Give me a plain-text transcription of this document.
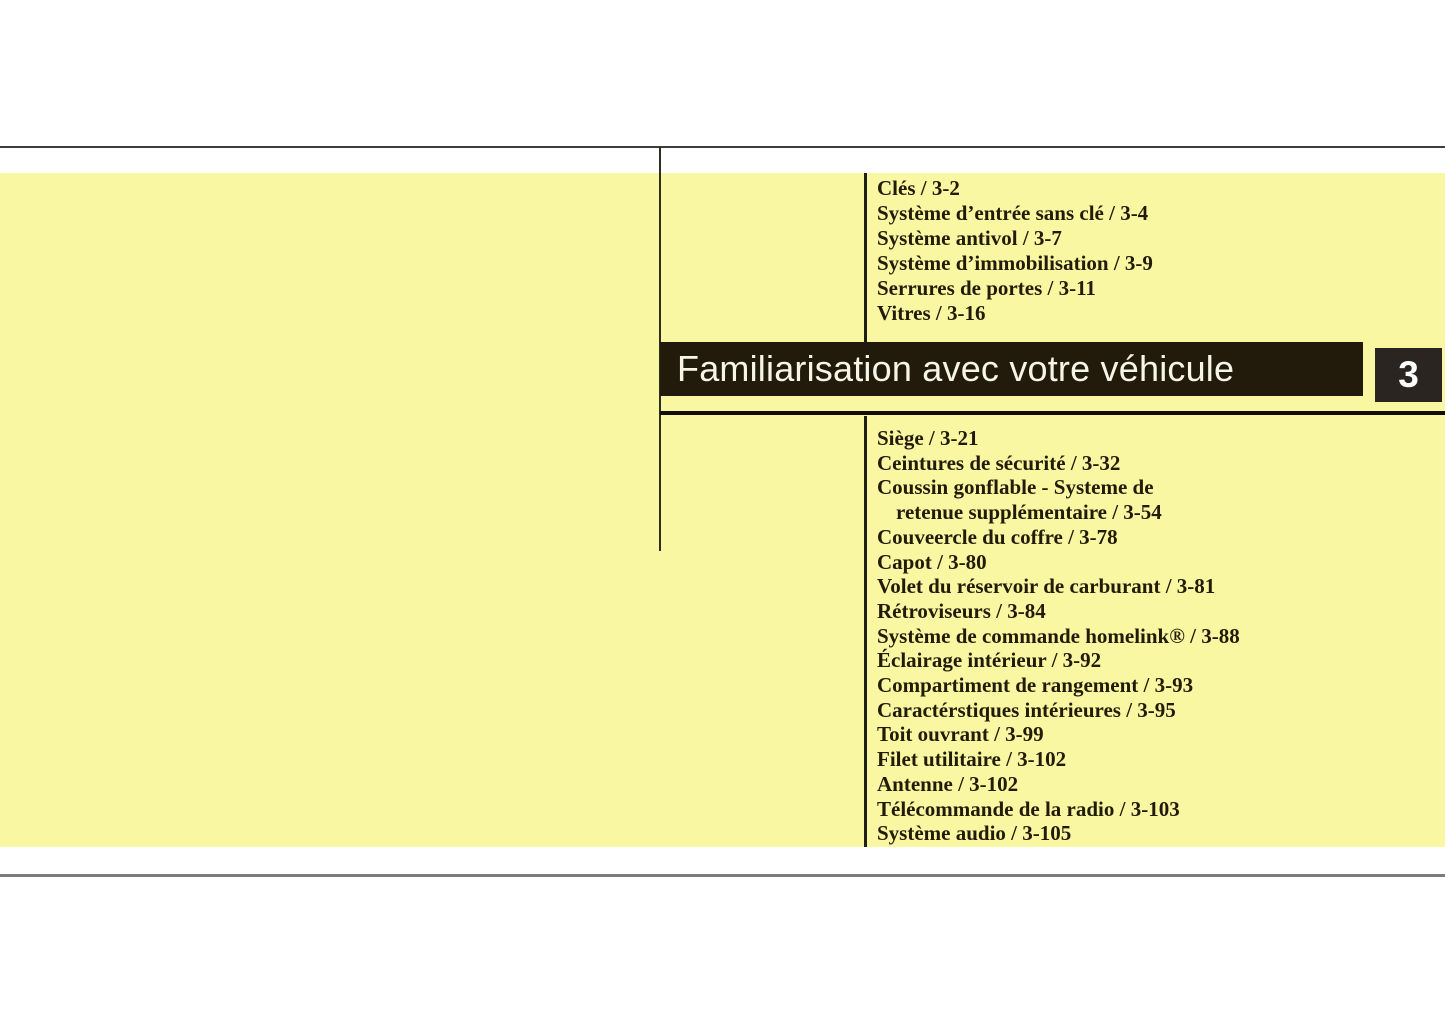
Clés / 3-2
Système d’entrée sans clé / 3-4
Système antivol / 3-7
Système d’immobilisation / 3-9
Serrures de portes / 3-11
Vitres / 3-16
Familiarisation avec votre véhicule	3
Siège / 3-21
Ceintures de sécurité / 3-32
Coussin gonflable - Systeme de
retenue supplémentaire / 3-54
Couveercle du coffre / 3-78
Capot / 3-80
Volet du réservoir de carburant / 3-81
Rétroviseurs / 3-84
Système de commande homelink® / 3-88
Éclairage intérieur / 3-92
Compartiment de rangement / 3-93
Caractérstiques intérieures / 3-95
Toit ouvrant / 3-99
Filet utilitaire / 3-102
Antenne / 3-102
Télécommande de la radio / 3-103
Système audio / 3-105
